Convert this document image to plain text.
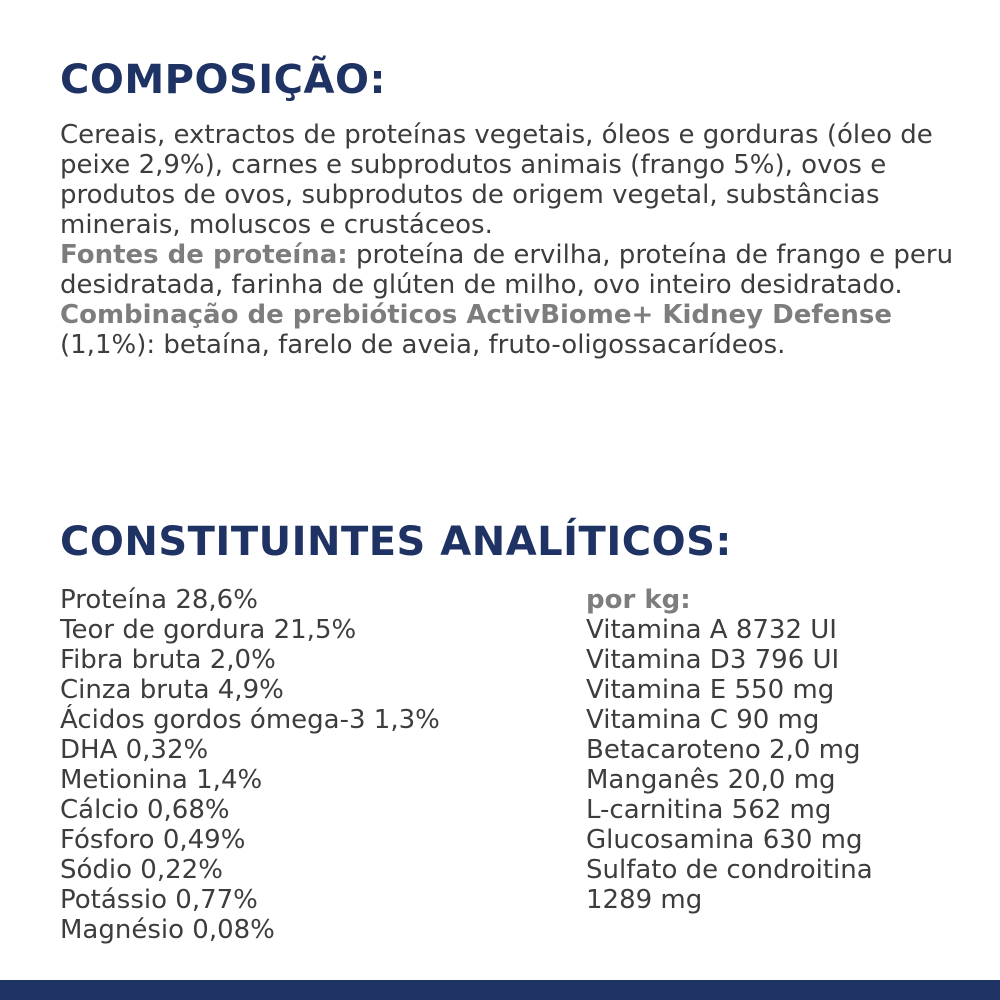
COMPOSIÇÃO:

Cereais, extractos de proteínas vegetais, óleos e gorduras (óleo de peixe 2,9%), carnes e subprodutos animais (frango 5%), ovos e produtos de ovos, subprodutos de origem vegetal, substâncias minerais, moluscos e crustáceos.

Fontes de proteína: proteína de ervilha, proteína de frango e peru desidratada, farinha de glúten de milho, ovo inteiro desidratado.

Combinação de prebióticos ActivBiome+ Kidney Defense (1,1%): betaína, farelo de aveia, fruto-oligossacarídeos.

CONSTITUINTES ANALÍTICOS:
Proteína 28,6%
Teor de gordura 21,5%
Fibra bruta 2,0%
Cinza bruta 4,9%
Ácidos gordos ómega-3 1,3%
DHA 0,32%
Metionina 1,4%
Cálcio 0,68%
Fósforo 0,49%
Sódio 0,22%
Potássio 0,77%
Magnésio 0,08%
por kg:
Vitamina A 8732 UI
Vitamina D3 796 UI
Vitamina E 550 mg
Vitamina C 90 mg
Betacaroteno 2,0 mg
Manganês 20,0 mg
L-carnitina 562 mg
Glucosamina 630 mg
Sulfato de condroitina
1289 mg
